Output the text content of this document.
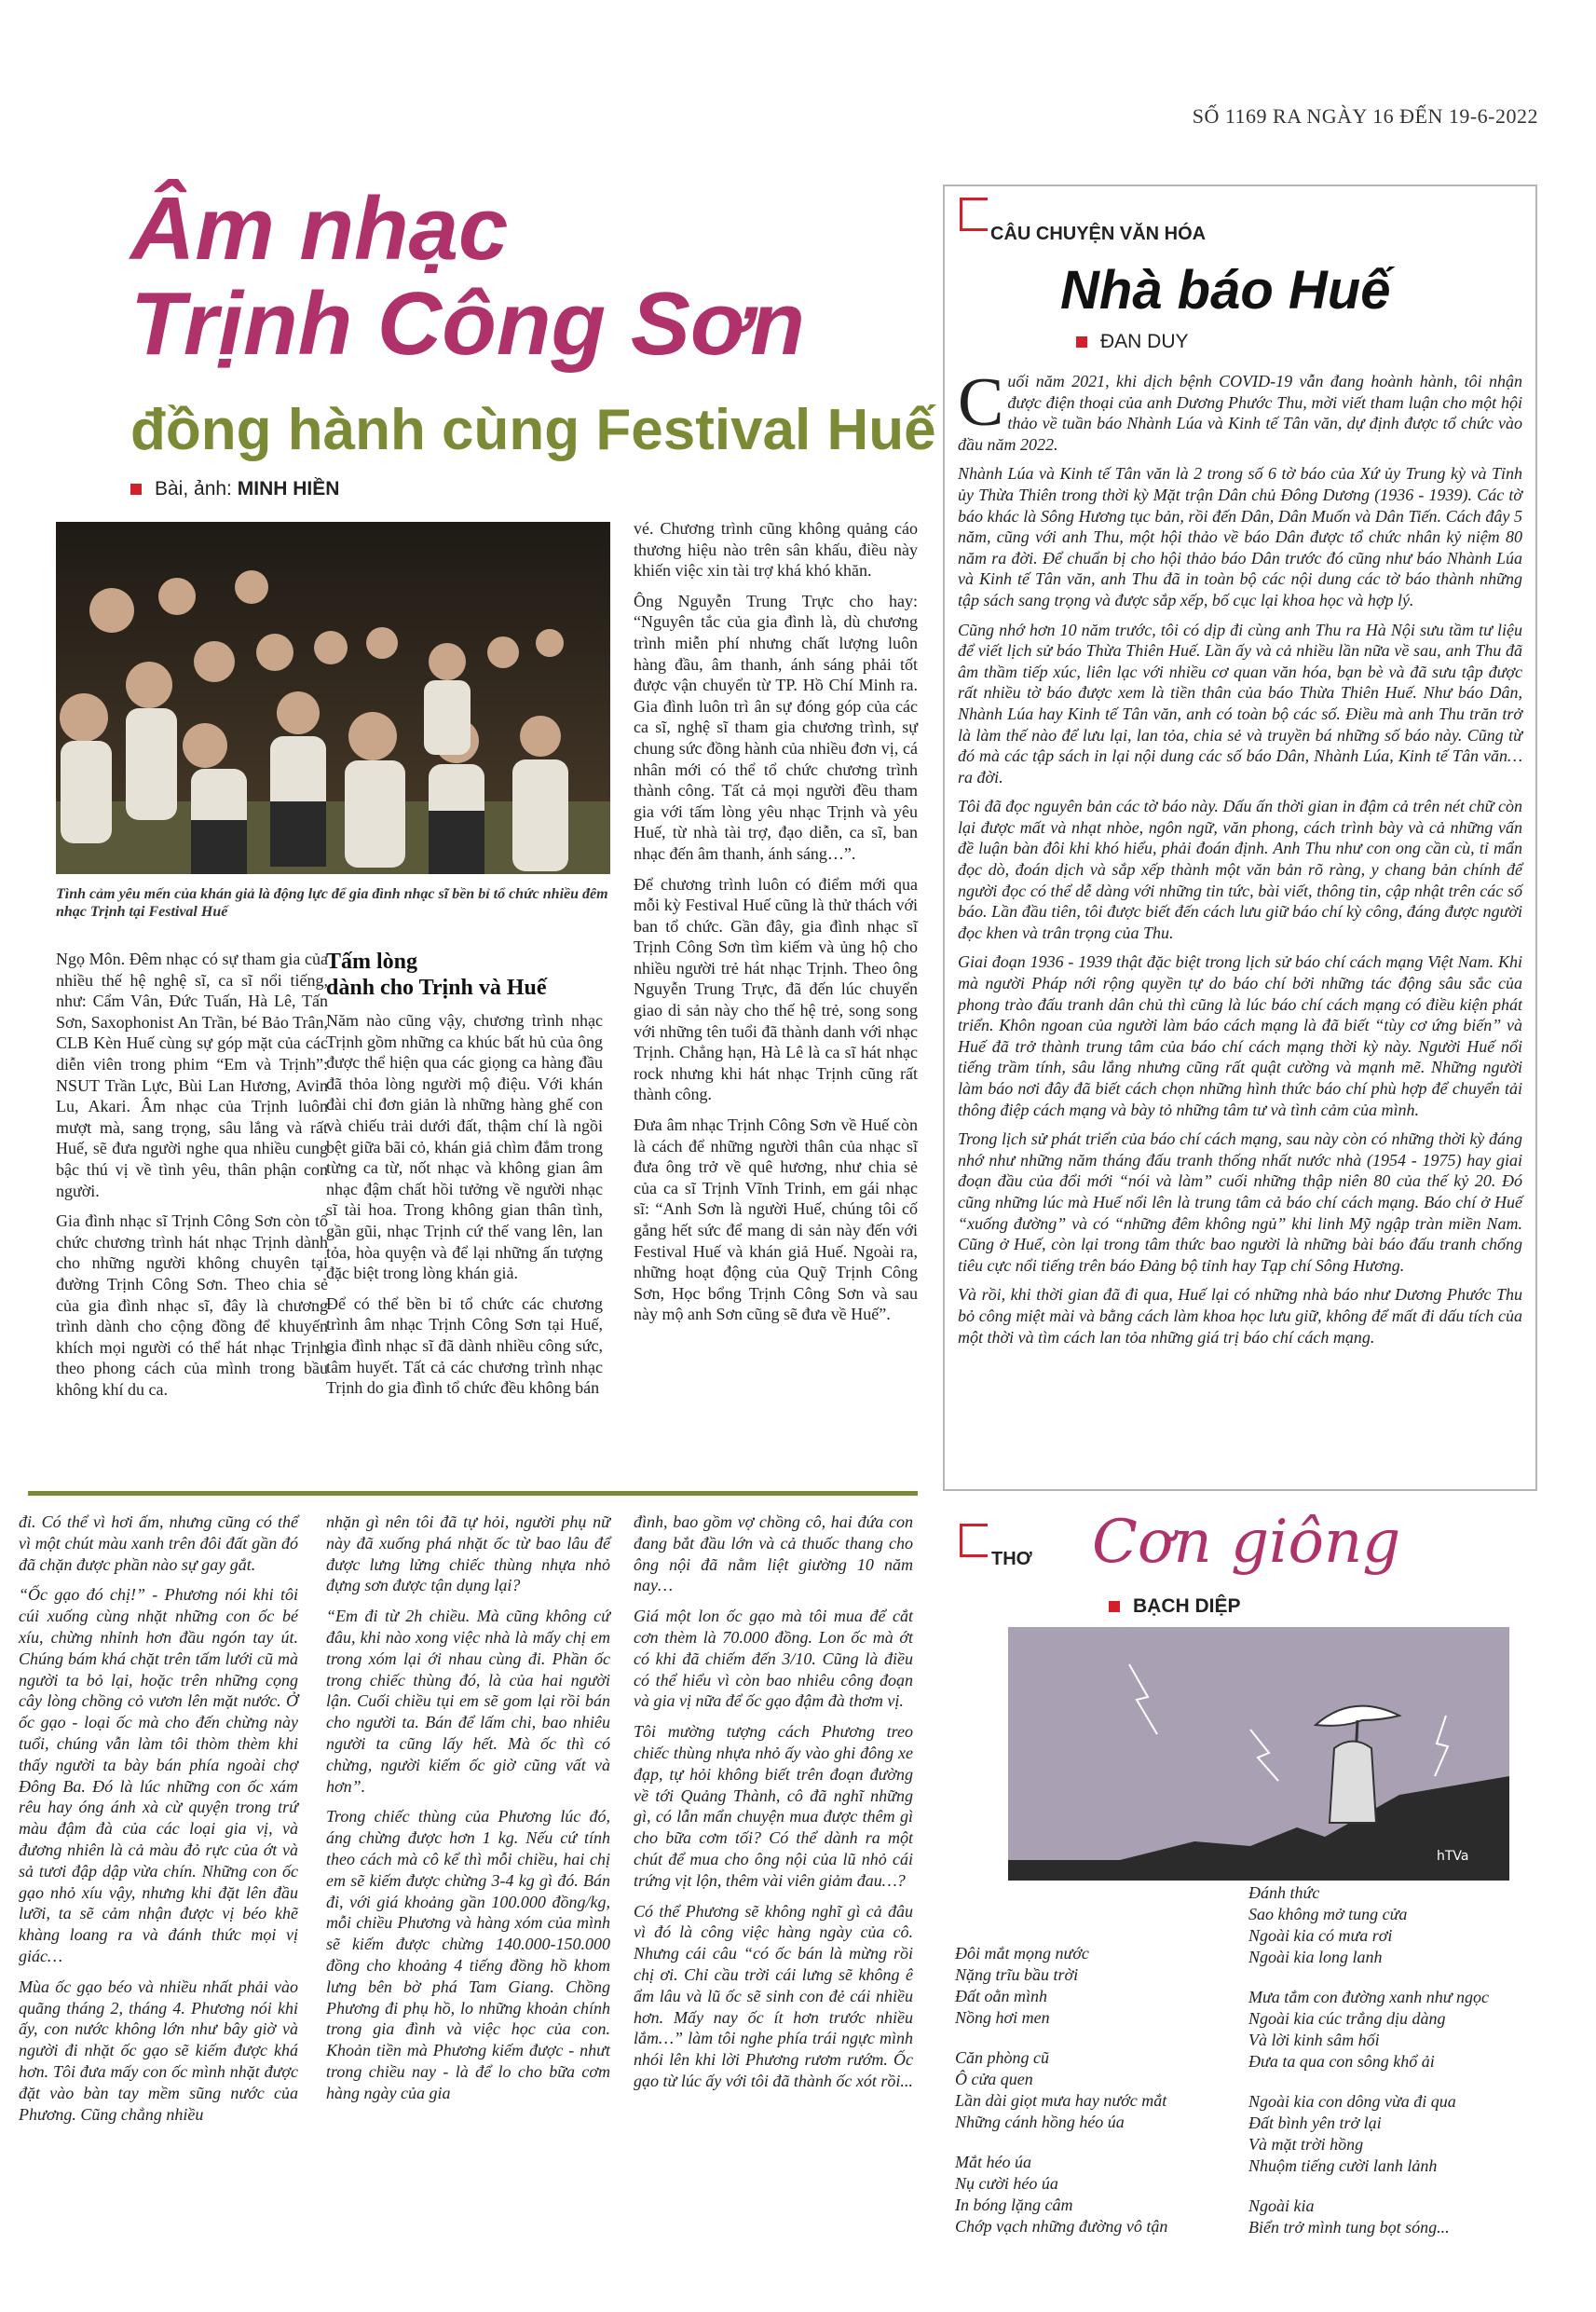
SỐ 1169 RA NGÀY 16 ĐẾN 19-6-2022
Âm nhạc
Trịnh Công Sơn
đồng hành cùng Festival Huế
Bài, ảnh: MINH HIỀN
Tình cảm yêu mến của khán giả là động lực để gia đình nhạc sĩ bền bỉ tổ chức nhiều đêm nhạc Trịnh tại Festival Huế

Ngọ Môn. Đêm nhạc có sự tham gia của nhiều thế hệ nghệ sĩ, ca sĩ nổi tiếng, như: Cẩm Vân, Đức Tuấn, Hà Lê, Tấn Sơn, Saxophonist An Trần, bé Bảo Trân, CLB Kèn Huế cùng sự góp mặt của các diễn viên trong phim “Em và Trịnh”: NSUT Trần Lực, Bùi Lan Hương, Avin Lu, Akari. Âm nhạc của Trịnh luôn mượt mà, sang trọng, sâu lắng và rất Huế, sẽ đưa người nghe qua nhiều cung bậc thú vị về tình yêu, thân phận con người.

Gia đình nhạc sĩ Trịnh Công Sơn còn tổ chức chương trình hát nhạc Trịnh dành cho những người không chuyên tại đường Trịnh Công Sơn. Theo chia sẻ của gia đình nhạc sĩ, đây là chương trình dành cho cộng đồng để khuyến khích mọi người có thể hát nhạc Trịnh theo phong cách của mình trong bầu không khí du ca.

Tấm lòng
dành cho Trịnh và Huế

Năm nào cũng vậy, chương trình nhạc Trịnh gồm những ca khúc bất hủ của ông được thể hiện qua các giọng ca hàng đầu đã thỏa lòng người mộ điệu. Với khán đài chỉ đơn giản là những hàng ghế con và chiếu trải dưới đất, thậm chí là ngồi bệt giữa bãi cỏ, khán giả chìm đắm trong từng ca từ, nốt nhạc và không gian âm nhạc đậm chất hồi tưởng về người nhạc sĩ tài hoa. Trong không gian thân tình, gần gũi, nhạc Trịnh cứ thế vang lên, lan tỏa, hòa quyện và để lại những ấn tượng đặc biệt trong lòng khán giả.

Để có thể bền bỉ tổ chức các chương trình âm nhạc Trịnh Công Sơn tại Huế, gia đình nhạc sĩ đã dành nhiều công sức, tâm huyết. Tất cả các chương trình nhạc Trịnh do gia đình tổ chức đều không bán

vé. Chương trình cũng không quảng cáo thương hiệu nào trên sân khấu, điều này khiến việc xin tài trợ khá khó khăn.

Ông Nguyễn Trung Trực cho hay: “Nguyên tắc của gia đình là, dù chương trình miễn phí nhưng chất lượng luôn hàng đầu, âm thanh, ánh sáng phải tốt được vận chuyển từ TP. Hồ Chí Minh ra. Gia đình luôn trì ân sự đóng góp của các ca sĩ, nghệ sĩ tham gia chương trình, sự chung sức đồng hành của nhiều đơn vị, cá nhân mới có thể tổ chức chương trình thành công. Tất cả mọi người đều tham gia với tấm lòng yêu nhạc Trịnh và yêu Huế, từ nhà tài trợ, đạo diễn, ca sĩ, ban nhạc đến âm thanh, ánh sáng…”.

Để chương trình luôn có điểm mới qua mỗi kỳ Festival Huế cũng là thử thách với ban tổ chức. Gần đây, gia đình nhạc sĩ Trịnh Công Sơn tìm kiếm và ủng hộ cho nhiều người trẻ hát nhạc Trịnh. Theo ông Nguyễn Trung Trực, đã đến lúc chuyển giao di sản này cho thế hệ trẻ, song song với những tên tuổi đã thành danh với nhạc Trịnh. Chẳng hạn, Hà Lê là ca sĩ hát nhạc rock nhưng khi hát nhạc Trịnh cũng rất thành công.

Đưa âm nhạc Trịnh Công Sơn về Huế còn là cách để những người thân của nhạc sĩ đưa ông trở về quê hương, như chia sẻ của ca sĩ Trịnh Vĩnh Trinh, em gái nhạc sĩ: “Anh Sơn là người Huế, chúng tôi cố gắng hết sức để mang di sản này đến với Festival Huế và khán giả Huế. Ngoài ra, những hoạt động của Quỹ Trịnh Công Sơn, Học bổng Trịnh Công Sơn và sau này mộ anh Sơn cũng sẽ đưa về Huế”.

CÂU CHUYỆN VĂN HÓA
Nhà báo Huế
ĐAN DUY

Cuối năm 2021, khi dịch bệnh COVID-19 vẫn đang hoành hành, tôi nhận được điện thoại của anh Dương Phước Thu, mời viết tham luận cho một hội thảo về tuần báo Nhành Lúa và Kinh tế Tân văn, dự định được tổ chức vào đầu năm 2022.

Nhành Lúa và Kinh tế Tân văn là 2 trong số 6 tờ báo của Xứ ủy Trung kỳ và Tỉnh ủy Thừa Thiên trong thời kỳ Mặt trận Dân chủ Đông Dương (1936 - 1939). Các tờ báo khác là Sông Hương tục bản, rồi đến Dân, Dân Muốn và Dân Tiến. Cách đây 5 năm, cũng với anh Thu, một hội thảo về báo Dân được tổ chức nhân kỷ niệm 80 năm ra đời. Để chuẩn bị cho hội thảo báo Dân trước đó cũng như báo Nhành Lúa và Kinh tế Tân văn, anh Thu đã in toàn bộ các nội dung các tờ báo thành những tập sách sang trọng và được sắp xếp, bố cục lại khoa học và hợp lý.

Cũng nhớ hơn 10 năm trước, tôi có dịp đi cùng anh Thu ra Hà Nội sưu tầm tư liệu để viết lịch sử báo Thừa Thiên Huế. Lần ấy và cả nhiều lần nữa về sau, anh Thu đã âm thầm tiếp xúc, liên lạc với nhiều cơ quan văn hóa, bạn bè và đã sưu tập được rất nhiều tờ báo được xem là tiền thân của báo Thừa Thiên Huế. Như báo Dân, Nhành Lúa hay Kinh tế Tân văn, anh có toàn bộ các số. Điều mà anh Thu trăn trở là làm thế nào để lưu lại, lan tỏa, chia sẻ và truyền bá những số báo này. Cũng từ đó mà các tập sách in lại nội dung các số báo Dân, Nhành Lúa, Kinh tế Tân văn… ra đời.

Tôi đã đọc nguyên bản các tờ báo này. Dấu ấn thời gian in đậm cả trên nét chữ còn lại được mất và nhạt nhòe, ngôn ngữ, văn phong, cách trình bày và cả những vấn đề luận bàn đôi khi khó hiểu, phải đoán định. Anh Thu như con ong cần cù, tỉ mẩn đọc dò, đoán dịch và sắp xếp thành một văn bản rõ ràng, y chang bản chính để người đọc có thể dễ dàng với những tin tức, bài viết, thông tin, cập nhật trên các số báo. Lần đầu tiên, tôi được biết đến cách lưu giữ báo chí kỳ công, đáng được người đọc khen và trân trọng của Thu.

Giai đoạn 1936 - 1939 thật đặc biệt trong lịch sử báo chí cách mạng Việt Nam. Khi mà người Pháp nới rộng quyền tự do báo chí bởi những tác động sâu sắc của phong trào đấu tranh dân chủ thì cũng là lúc báo chí cách mạng có điều kiện phát triển. Khôn ngoan của người làm báo cách mạng là đã biết “tùy cơ ứng biến” và Huế đã trở thành trung tâm của báo chí cách mạng thời kỳ này. Người Huế nổi tiếng trầm tính, sâu lắng nhưng cũng rất quật cường và mạnh mẽ. Những người làm báo nơi đây đã biết cách chọn những hình thức báo chí phù hợp để chuyển tải thông điệp cách mạng và bày tỏ những tâm tư và tình cảm của mình.

Trong lịch sử phát triển của báo chí cách mạng, sau này còn có những thời kỳ đáng nhớ như những năm tháng đấu tranh thống nhất nước nhà (1954 - 1975) hay giai đoạn đầu của đổi mới “nói và làm” cuối những thập niên 80 của thế kỷ 20. Đó cũng những lúc mà Huế nổi lên là trung tâm cả báo chí cách mạng. Báo chí ở Huế “xuống đường” và có “những đêm không ngủ” khi linh Mỹ ngập tràn miền Nam. Cũng ở Huế, còn lại trong tâm thức bao người là những bài báo đấu tranh chống tiêu cực nổi tiếng trên báo Đảng bộ tỉnh hay Tạp chí Sông Hương.

Và rồi, khi thời gian đã đi qua, Huế lại có những nhà báo như Dương Phước Thu bỏ công miệt mài và bằng cách làm khoa học lưu giữ, không để mất đi dấu tích của một thời và tìm cách lan tỏa những giá trị báo chí cách mạng.

đi. Có thể vì hơi ấm, nhưng cũng có thể vì một chút màu xanh trên đôi đất gần đó đã chặn được phần nào sự gay gắt.

“Ốc gạo đó chị!” - Phương nói khi tôi cúi xuống cùng nhặt những con ốc bé xíu, chừng nhỉnh hơn đầu ngón tay út. Chúng bám khá chặt trên tấm lưới cũ mà người ta bỏ lại, hoặc trên những cọng cây lòng chồng cỏ vươn lên mặt nước. Ở ốc gạo - loại ốc mà cho đến chừng này tuổi, chúng vẫn làm tôi thòm thèm khi thấy người ta bày bán phía ngoài chợ Đông Ba. Đó là lúc những con ốc xám rêu hay óng ánh xà cừ quyện trong trứ màu đậm đà của các loại gia vị, và đương nhiên là cả màu đỏ rực của ớt và sả tươi đập dập vừa chín. Những con ốc gạo nhỏ xíu vậy, nhưng khi đặt lên đầu lưỡi, ta sẽ cảm nhận được vị béo khẽ khàng loang ra và đánh thức mọi vị giác…

Mùa ốc gạo béo và nhiều nhất phải vào quãng tháng 2, tháng 4. Phương nói khi ấy, con nước không lớn như bây giờ và người đi nhặt ốc gạo sẽ kiếm được khá hơn. Tôi đưa mấy con ốc mình nhặt được đặt vào bàn tay mềm sũng nước của Phương. Cũng chẳng nhiều

nhặn gì nên tôi đã tự hỏi, người phụ nữ này đã xuống phá nhặt ốc từ bao lâu để được lưng lửng chiếc thùng nhựa nhỏ đựng sơn được tận dụng lại?

“Em đi từ 2h chiều. Mà cũng không cứ đâu, khi nào xong việc nhà là mấy chị em trong xóm lại ới nhau cùng đi. Phần ốc trong chiếc thùng đó, là của hai người lận. Cuối chiều tụi em sẽ gom lại rồi bán cho người ta. Bán để lấm chi, bao nhiêu người ta cũng lấy hết. Mà ốc thì có chừng, người kiếm ốc giờ cũng vất và hơn”.

Trong chiếc thùng của Phương lúc đó, áng chừng được hơn 1 kg. Nếu cứ tính theo cách mà cô kể thì mỗi chiều, hai chị em sẽ kiếm được chừng 3-4 kg gì đó. Bán đi, với giá khoảng gần 100.000 đồng/kg, mỗi chiều Phương và hàng xóm của mình sẽ kiếm được chừng 140.000-150.000 đồng cho khoảng 4 tiếng đồng hồ khom lưng bên bờ phá Tam Giang. Chồng Phương đi phụ hồ, lo những khoản chính trong gia đình và việc học của con. Khoản tiền mà Phương kiếm được - nhưt trong chiều nay - là để lo cho bữa cơm hàng ngày của gia

đình, bao gồm vợ chồng cô, hai đứa con đang bắt đầu lớn và cả thuốc thang cho ông nội đã nằm liệt giường 10 năm nay…

Giá một lon ốc gạo mà tôi mua để cắt cơn thèm là 70.000 đồng. Lon ốc mà ớt có khi đã chiếm đến 3/10. Cũng là điều có thể hiểu vì còn bao nhiêu công đoạn và gia vị nữa để ốc gạo đậm đà thơm vị.

Tôi mường tượng cách Phương treo chiếc thùng nhựa nhỏ ấy vào ghi đông xe đạp, tự hỏi không biết trên đoạn đường về tới Quảng Thành, cô đã nghĩ những gì, có lẫn mẩn chuyện mua được thêm gì cho bữa cơm tối? Có thể dành ra một chút để mua cho ông nội của lũ nhỏ cái trứng vịt lộn, thêm vài viên giảm đau…?

Có thể Phương sẽ không nghĩ gì cả đâu vì đó là công việc hàng ngày của cô. Nhưng cái câu “có ốc bán là mừng rồi chị ơi. Chỉ cầu trời cái lưng sẽ không ê ẩm lâu và lũ ốc sẽ sinh con đẻ cái nhiều hơn. Mấy nay ốc ít hơn trước nhiều lắm…” làm tôi nghe phía trái ngực mình nhói lên khi lời Phương rươm rướm. Ốc gạo từ lúc ấy với tôi đã thành ốc xót rồi...

THƠ Cơn giông
BẠCH DIỆP
hTVa
Đôi mắt mọng nước
Nặng trĩu bầu trời
Đất oằn mình
Nồng hơi men
Căn phòng cũ
Ô cửa quen
Lần dài giọt mưa hay nước mắt
Những cánh hồng héo úa
Mắt héo úa
Nụ cười héo úa
In bóng lặng câm
Chớp vạch những đường vô tận
Đánh thức
Sao không mở tung cửa
Ngoài kia có mưa rơi
Ngoài kia long lanh
Mưa tắm con đường xanh như ngọc
Ngoài kia cúc trắng dịu dàng
Và lời kinh sâm hối
Đưa ta qua con sông khổ ải
Ngoài kia con dông vừa đi qua
Đất bình yên trở lại
Và mặt trời hồng
Nhuộm tiếng cười lanh lảnh
Ngoài kia
Biển trở mình tung bọt sóng...
